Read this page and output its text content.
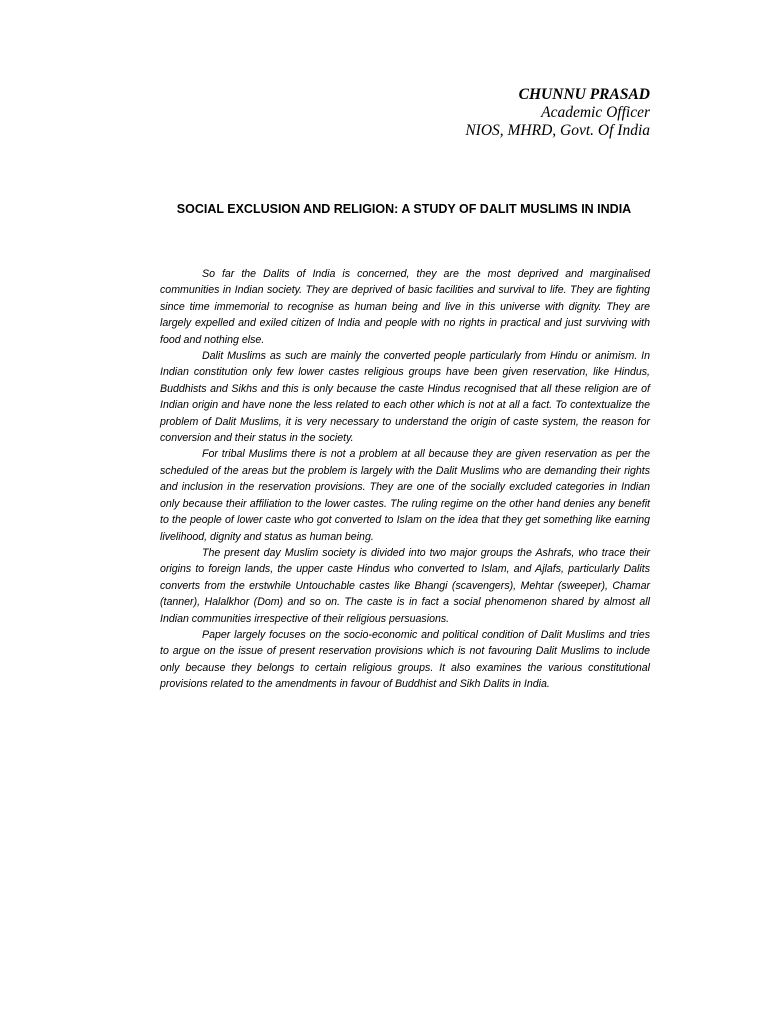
CHUNNU PRASAD
Academic Officer
NIOS, MHRD, Govt. Of India
SOCIAL EXCLUSION AND RELIGION: A STUDY OF DALIT MUSLIMS IN INDIA

So far the Dalits of India is concerned, they are the most deprived and marginalised communities in Indian society. They are deprived of basic facilities and survival to life. They are fighting since time immemorial to recognise as human being and live in this universe with dignity. They are largely expelled and exiled citizen of India and people with no rights in practical and just surviving with food and nothing else.

Dalit Muslims as such are mainly the converted people particularly from Hindu or animism. In Indian constitution only few lower castes religious groups have been given reservation, like Hindus, Buddhists and Sikhs and this is only because the caste Hindus recognised that all these religion are of Indian origin and have none the less related to each other which is not at all a fact. To contextualize the problem of Dalit Muslims, it is very necessary to understand the origin of caste system, the reason for conversion and their status in the society.

For tribal Muslims there is not a problem at all because they are given reservation as per the scheduled of the areas but the problem is largely with the Dalit Muslims who are demanding their rights and inclusion in the reservation provisions. They are one of the socially excluded categories in Indian only because their affiliation to the lower castes. The ruling regime on the other hand denies any benefit to the people of lower caste who got converted to Islam on the idea that they get something like earning livelihood, dignity and status as human being.

The present day Muslim society is divided into two major groups the Ashrafs, who trace their origins to foreign lands, the upper caste Hindus who converted to Islam, and Ajlafs, particularly Dalits converts from the erstwhile Untouchable castes like Bhangi (scavengers), Mehtar (sweeper), Chamar (tanner), Halalkhor (Dom) and so on. The caste is in fact a social phenomenon shared by almost all Indian communities irrespective of their religious persuasions.

Paper largely focuses on the socio-economic and political condition of Dalit Muslims and tries to argue on the issue of present reservation provisions which is not favouring Dalit Muslims to include only because they belongs to certain religious groups. It also examines the various constitutional provisions related to the amendments in favour of Buddhist and Sikh Dalits in India.
